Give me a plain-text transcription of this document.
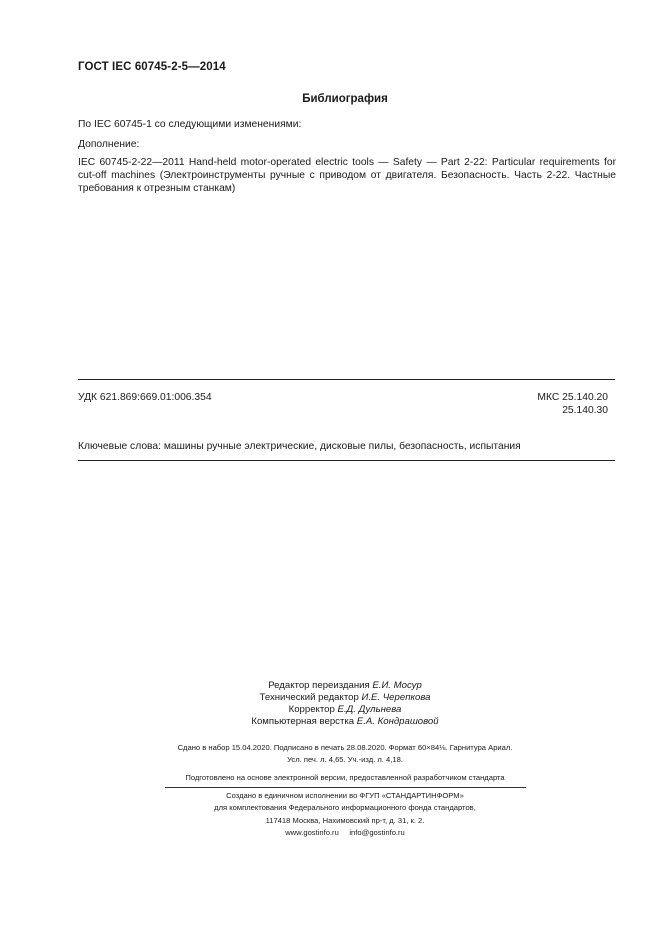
ГОСТ IEC 60745-2-5—2014
Библиография
По IEC 60745-1 со следующими изменениями:
Дополнение:
IEC 60745-2-22—2011 Hand-held motor-operated electric tools — Safety — Part 2-22: Particular requirements for cut-off machines (Электроинструменты ручные с приводом от двигателя. Безопасность. Часть 2-22. Частные требования к отрезным станкам)
УДК 621.869:669.01:006.354	МКС 25.140.20
25.140.30
Ключевые слова: машины ручные электрические, дисковые пилы, безопасность, испытания
Редактор переиздания Е.И. Мосур
Технический редактор И.Е. Черепкова
Корректор Е.Д. Дульнева
Компьютерная верстка Е.А. Кондрашовой
Сдано в набор 15.04.2020. Подписано в печать 28.08.2020. Формат 60×84⅛. Гарнитура Ариал.
Усл. печ. л. 4,65. Уч.-изд. л. 4,18.
Подготовлено на основе электронной версии, предоставленной разработчиком стандарта
Создано в единичном исполнении во ФГУП «СТАНДАРТИНФОРМ»
для комплектования Федерального информационного фонда стандартов,
117418 Москва, Нахимовский пр-т, д. 31, к. 2.
www.gostinfo.ru info@gostinfo.ru
